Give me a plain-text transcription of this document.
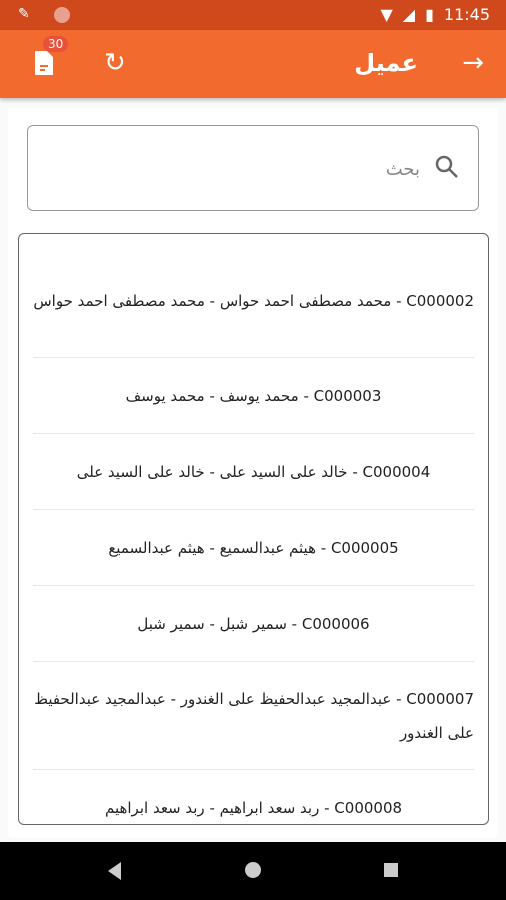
✎	▼ ◢ ▮ 11:45
→
عميل
↻
30
بحث
C000002 - محمد مصطفى احمد حواس - محمد مصطفى احمد حواس
C000003 - محمد يوسف - محمد يوسف
C000004 - خالد على السيد على - خالد على السيد على
C000005 - هيثم عبدالسميع - هيثم عبدالسميع
C000006 - سمير شبل - سمير شبل
C000007 - عبدالمجيد عبدالحفيظ على الغندور - عبدالمجيد عبدالحفيظ على الغندور
C000008 - ربد سعد ابراهيم - ربد سعد ابراهيم
